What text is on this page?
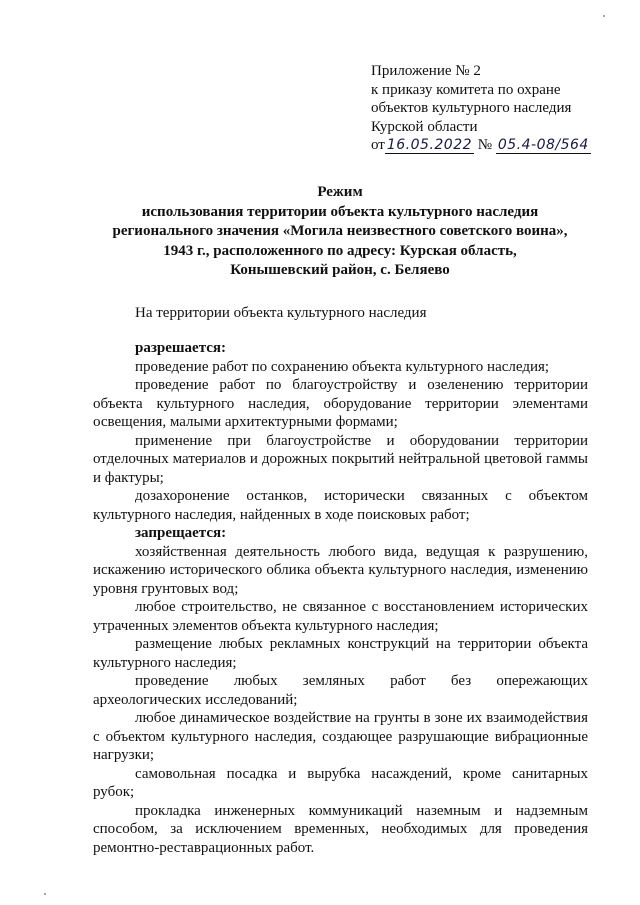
Приложение № 2
к приказу комитета по охране
объектов культурного наследия
Курской области
от 16.05.2022 № 05.4-08/564
Режим
использования территории объекта культурного наследия
регионального значения «Могила неизвестного советского воина»,
1943 г., расположенного по адресу: Курская область,
Конышевский район, с. Беляево
На территории объекта культурного наследия

разрешается:

проведение работ по сохранению объекта культурного наследия;

проведение работ по благоустройству и озеленению территории объекта культурного наследия, оборудование территории элементами освещения, малыми архитектурными формами;

применение при благоустройстве и оборудовании территории отделочных материалов и дорожных покрытий нейтральной цветовой гаммы и фактуры;

дозахоронение останков, исторически связанных с объектом культурного наследия, найденных в ходе поисковых работ;

запрещается:

хозяйственная деятельность любого вида, ведущая к разрушению, искажению исторического облика объекта культурного наследия, изменению уровня грунтовых вод;

любое строительство, не связанное с восстановлением исторических утраченных элементов объекта культурного наследия;

размещение любых рекламных конструкций на территории объекта культурного наследия;

проведение любых земляных работ без опережающих археологических исследований;

любое динамическое воздействие на грунты в зоне их взаимодействия с объектом культурного наследия, создающее разрушающие вибрационные нагрузки;

самовольная посадка и вырубка насаждений, кроме санитарных рубок;

прокладка инженерных коммуникаций наземным и надземным способом, за исключением временных, необходимых для проведения ремонтно-реставрационных работ.
